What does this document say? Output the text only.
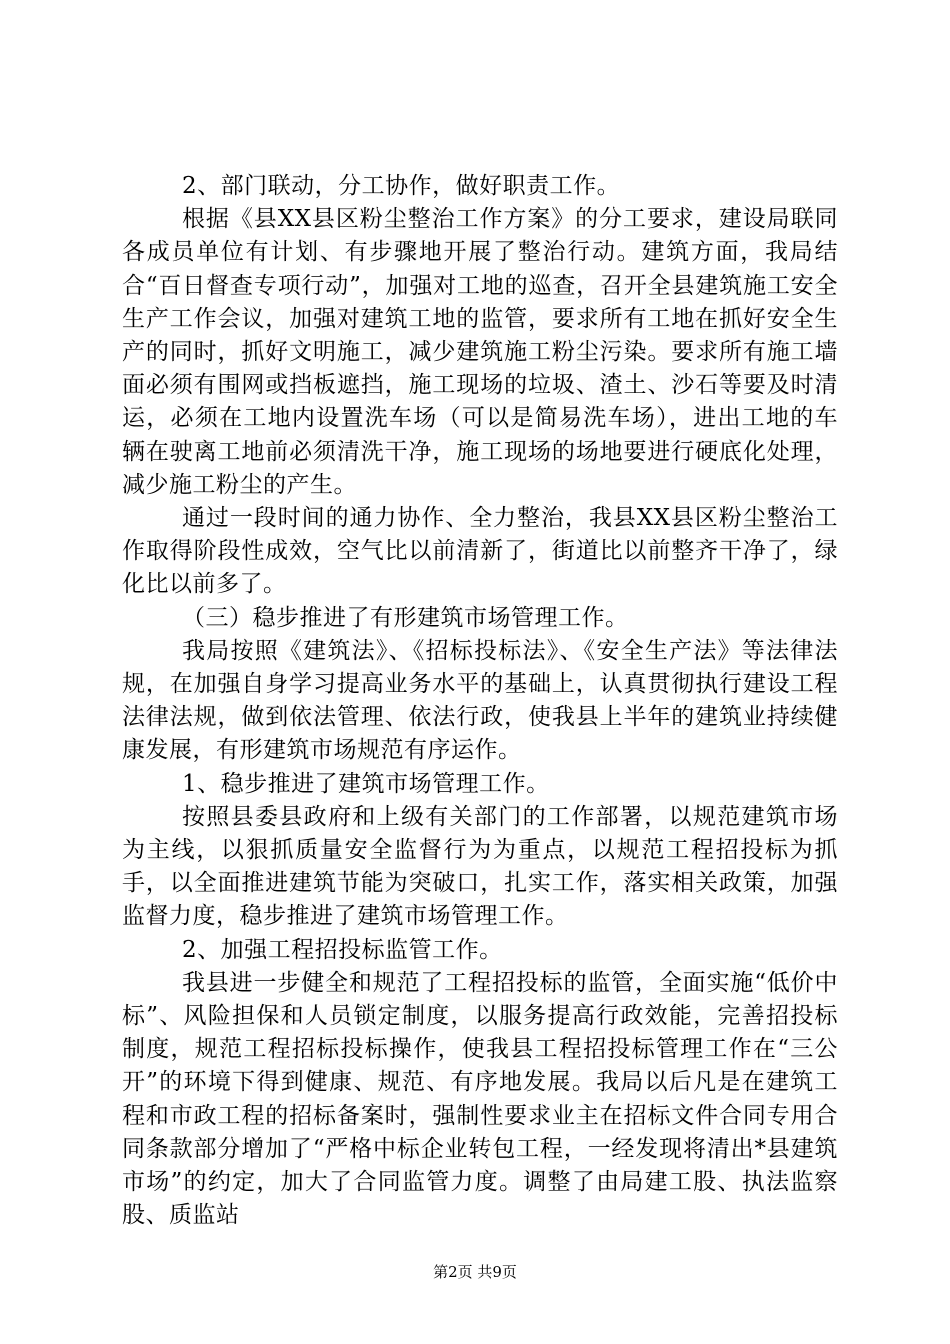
2、部门联动，分工协作，做好职责工作。

根据《县XX县区粉尘整治工作方案》的分工要求，建设局联同各成员单位有计划、有步骤地开展了整治行动。建筑方面，我局结合“百日督查专项行动”，加强对工地的巡查，召开全县建筑施工安全生产工作会议，加强对建筑工地的监管，要求所有工地在抓好安全生产的同时，抓好文明施工，减少建筑施工粉尘污染。要求所有施工墙面必须有围网或挡板遮挡，施工现场的垃圾、渣土、沙石等要及时清运，必须在工地内设置洗车场（可以是简易洗车场），进出工地的车辆在驶离工地前必须清洗干净，施工现场的场地要进行硬底化处理，减少施工粉尘的产生。

通过一段时间的通力协作、全力整治，我县XX县区粉尘整治工作取得阶段性成效，空气比以前清新了，街道比以前整齐干净了，绿化比以前多了。

（三）稳步推进了有形建筑市场管理工作。

我局按照《建筑法》、《招标投标法》、《安全生产法》等法律法规，在加强自身学习提高业务水平的基础上，认真贯彻执行建设工程法律法规，做到依法管理、依法行政，使我县上半年的建筑业持续健康发展，有形建筑市场规范有序运作。

1、稳步推进了建筑市场管理工作。

按照县委县政府和上级有关部门的工作部署，以规范建筑市场为主线，以狠抓质量安全监督行为为重点，以规范工程招投标为抓手，以全面推进建筑节能为突破口，扎实工作，落实相关政策，加强监督力度，稳步推进了建筑市场管理工作。

2、加强工程招投标监管工作。

我县进一步健全和规范了工程招投标的监管，全面实施“低价中标”、风险担保和人员锁定制度，以服务提高行政效能，完善招投标制度，规范工程招标投标操作，使我县工程招投标管理工作在“三公开”的环境下得到健康、规范、有序地发展。我局以后凡是在建筑工程和市政工程的招标备案时，强制性要求业主在招标文件合同专用合同条款部分增加了“严格中标企业转包工程，一经发现将清出*县建筑市场”的约定，加大了合同监管力度。调整了由局建工股、执法监察股、质监站

第2页 共9页
